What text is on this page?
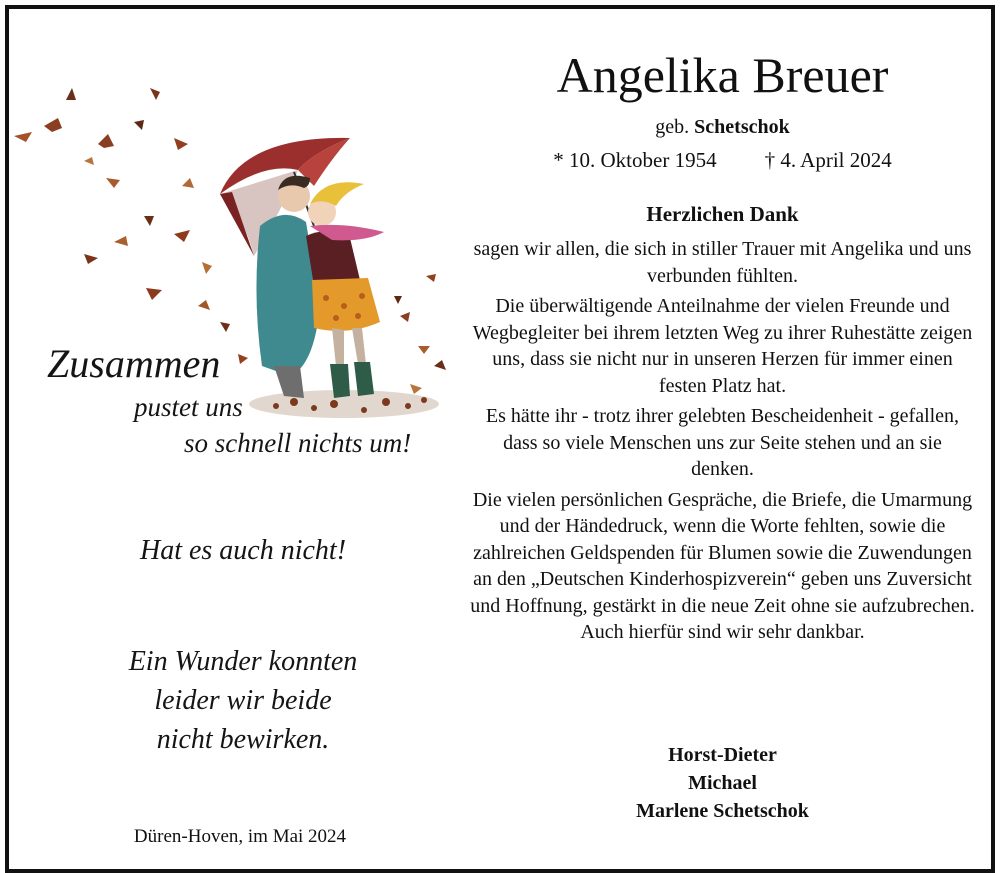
Zusammen
pustet uns
so schnell nichts um!
Hat es auch nicht!
Ein Wunder konnten
leider wir beide
nicht bewirken.
Düren-Hoven, im Mai 2024
Angelika Breuer
geb. Schetschok
* 10. Oktober 1954 † 4. April 2024
Herzlichen Dank

sagen wir allen, die sich in stiller Trauer mit Angelika und uns verbunden fühlten.

Die überwältigende Anteilnahme der vielen Freunde und Wegbegleiter bei ihrem letzten Weg zu ihrer Ruhestätte zeigen uns, dass sie nicht nur in unseren Herzen für immer einen festen Platz hat.

Es hätte ihr - trotz ihrer gelebten Bescheidenheit - gefallen, dass so viele Menschen uns zur Seite stehen und an sie denken.

Die vielen persönlichen Gespräche, die Briefe, die Umarmung und der Händedruck, wenn die Worte fehlten, sowie die zahlreichen Geldspenden für Blumen sowie die Zuwendungen an den „Deutschen Kinderhospizverein“ geben uns Zuversicht und Hoffnung, gestärkt in die neue Zeit ohne sie aufzubrechen.

Auch hierfür sind wir sehr dankbar.

Horst-Dieter
Michael
Marlene Schetschok
